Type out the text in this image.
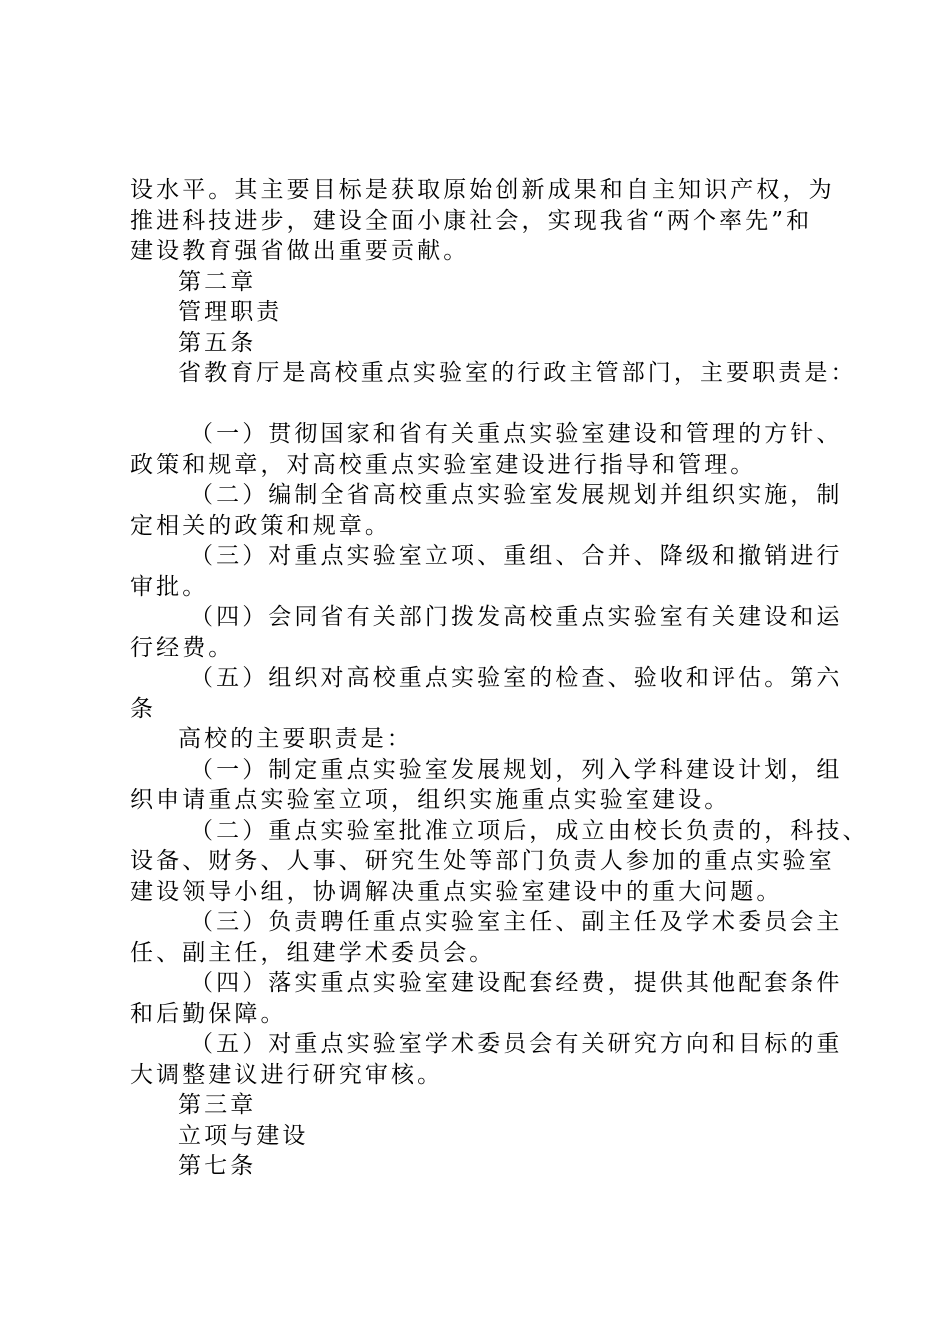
设水平。其主要目标是获取原始创新成果和自主知识产权，为
推进科技进步，建设全面小康社会，实现我省“两个率先”和
建设教育强省做出重要贡献。
第二章
管理职责
第五条
省教育厅是高校重点实验室的行政主管部门，主要职责是：
（一）贯彻国家和省有关重点实验室建设和管理的方针、
政策和规章，对高校重点实验室建设进行指导和管理。
（二）编制全省高校重点实验室发展规划并组织实施，制
定相关的政策和规章。
（三）对重点实验室立项、重组、合并、降级和撤销进行
审批。
（四）会同省有关部门拨发高校重点实验室有关建设和运
行经费。
（五）组织对高校重点实验室的检查、验收和评估。第六
条
高校的主要职责是：
（一）制定重点实验室发展规划，列入学科建设计划，组
织申请重点实验室立项，组织实施重点实验室建设。
（二）重点实验室批准立项后，成立由校长负责的，科技、
设备、财务、人事、研究生处等部门负责人参加的重点实验室
建设领导小组，协调解决重点实验室建设中的重大问题。
（三）负责聘任重点实验室主任、副主任及学术委员会主
任、副主任，组建学术委员会。
（四）落实重点实验室建设配套经费，提供其他配套条件
和后勤保障。
（五）对重点实验室学术委员会有关研究方向和目标的重
大调整建议进行研究审核。
第三章
立项与建设
第七条
